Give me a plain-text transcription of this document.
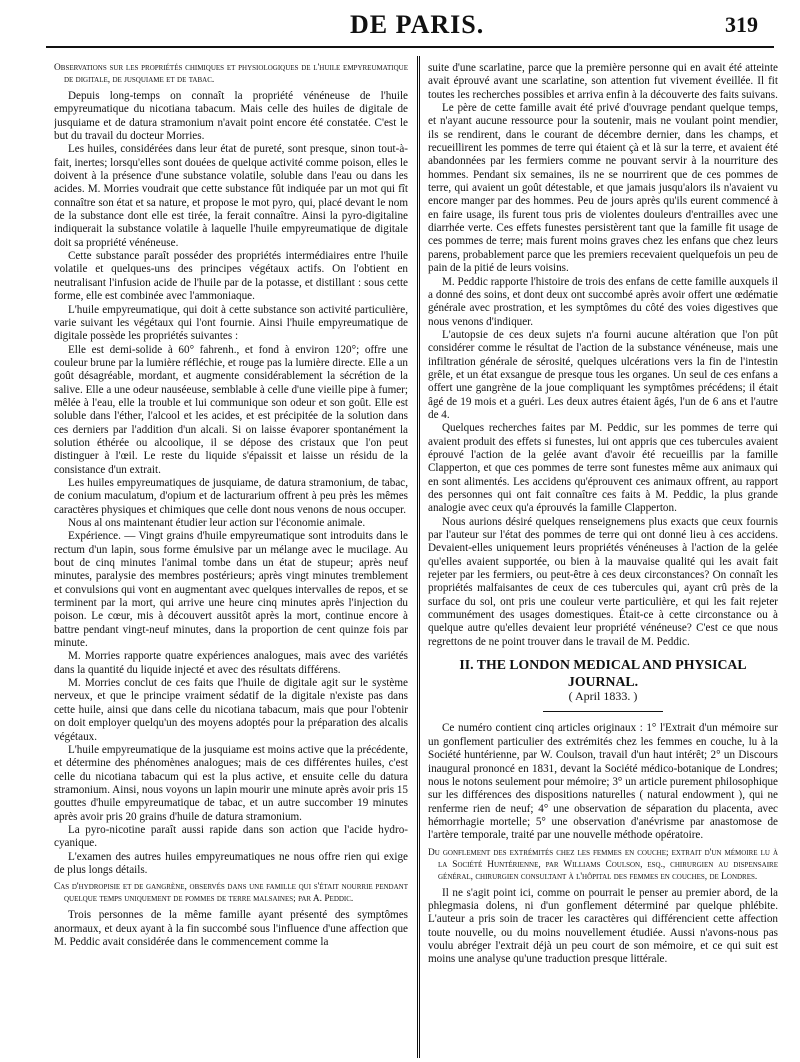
DE PARIS.	319
Observations sur les propriétés chimiques et physiologiques de l'huile empyreumatique de digitale, de jusquiame et de tabac.

Depuis long-temps on connaît la propriété vénéneuse de l'huile empyreumatique du nicotiana tabacum. Mais celle des huiles de digitale de jusquiame et de datura stramonium n'avait point encore été constatée. C'est le but du travail du docteur Morries.

Les huiles, considérées dans leur état de pureté, sont presque, sinon tout-à-fait, inertes; lorsqu'elles sont douées de quelque activité comme poison, elles le doivent à la présence d'une substance volatile, soluble dans l'eau ou dans les acides. M. Morries voudrait que cette substance fût indiquée par un mot qui fît connaître son état et sa nature, et propose le mot pyro, qui, placé devant le nom de la substance dont elle est tirée, la ferait connaître. Ainsi la pyro-digitaline indiquerait la substance volatile à laquelle l'huile empyreumatique de digitale doit sa propriété vénéneuse.

Cette substance paraît posséder des propriétés intermédiaires entre l'huile volatile et quelques-uns des principes végétaux actifs. On l'obtient en neutralisant l'infusion acide de l'huile par de la potasse, et distillant : sous cette forme, elle est combinée avec l'ammoniaque.

L'huile empyreumatique, qui doit à cette substance son activité particulière, varie suivant les végétaux qui l'ont fournie. Ainsi l'huile empyreumatique de digitale possède les propriétés suivantes :

Elle est demi-solide à 60° fahrenh., et fond à environ 120°; offre une couleur brune par la lumière réfléchie, et rouge pas la lumière directe. Elle a un goût désagréable, mordant, et augmente considérablement la sécrétion de la salive. Elle a une odeur nauséeuse, semblable à celle d'une vieille pipe à fumer; mêlée à l'eau, elle la trouble et lui communique son odeur et son goût. Elle est soluble dans l'éther, l'alcool et les acides, et est précipitée de la solution dans ces derniers par l'addition d'un alcali. Si on laisse évaporer spontanément la solution éthérée ou alcoolique, il se dépose des cristaux que l'on peut distinguer à l'œil. Le reste du liquide s'épaissit et laisse un résidu de la consistance d'un extrait.

Les huiles empyreumatiques de jusquiame, de datura stramonium, de tabac, de conium maculatum, d'opium et de lacturarium offrent à peu près les mêmes caractères physiques et chimiques que celle dont nous venons de nous occuper.

Nous al ons maintenant étudier leur action sur l'économie animale.

Expérience. — Vingt grains d'huile empyreumatique sont introduits dans le rectum d'un lapin, sous forme émulsive par un mélange avec le mucilage. Au bout de cinq minutes l'animal tombe dans un état de stupeur; après neuf minutes, paralysie des membres postérieurs; après vingt minutes tremblement et convulsions qui vont en augmentant avec quelques intervalles de repos, et se terminent par la mort, qui arrive une heure cinq minutes après l'injection du poison. Le cœur, mis à découvert aussitôt après la mort, continue encore à battre pendant vingt-neuf minutes, dans la proportion de cent quinze fois par minute.

M. Morries rapporte quatre expériences analogues, mais avec des variétés dans la quantité du liquide injecté et avec des résultats différens.

M. Morries conclut de ces faits que l'huile de digitale agit sur le système nerveux, et que le principe vraiment sédatif de la digitale n'existe pas dans cette huile, ainsi que dans celle du nicotiana tabacum, mais que pour l'obtenir on doit employer quelqu'un des moyens adoptés pour la préparation des alcalis végétaux.

L'huile empyreumatique de la jusquiame est moins active que la précédente, et détermine des phénomènes analogues; mais de ces différentes huiles, c'est celle du nicotiana tabacum qui est la plus active, et ensuite celle du datura stramonium. Ainsi, nous voyons un lapin mourir une minute après avoir pris 15 gouttes d'huile empyreumatique de tabac, et un autre succomber 19 minutes après avoir pris 20 grains d'huile de datura stramonium.

La pyro-nicotine paraît aussi rapide dans son action que l'acide hydro-cyanique.

L'examen des autres huiles empyreumatiques ne nous offre rien qui exige de plus longs détails.

Cas d'hydropisie et de gangrène, observés dans une famille qui s'était nourrie pendant quelque temps uniquement de pommes de terre malsaines; par A. Peddic.

Trois personnes de la même famille ayant présenté des symptômes anormaux, et deux ayant à la fin succombé sous l'influence d'une affection que M. Peddic avait considérée dans le commencement comme la

suite d'une scarlatine, parce que la première personne qui en avait été atteinte avait éprouvé avant une scarlatine, son attention fut vivement éveillée. Il fit toutes les recherches possibles et arriva enfin à la découverte des faits suivans.

Le père de cette famille avait été privé d'ouvrage pendant quelque temps, et n'ayant aucune ressource pour la soutenir, mais ne voulant point mendier, ils se rendirent, dans le courant de décembre dernier, dans les champs, et recueillirent les pommes de terre qui étaient çà et là sur la terre, et avaient été abandonnées par les fermiers comme ne pouvant servir à la nourriture des hommes. Pendant six semaines, ils ne se nourrirent que de ces pommes de terre, qui avaient un goût détestable, et que jamais jusqu'alors ils n'avaient vu encore manger par des hommes. Peu de jours après qu'ils eurent commencé à en faire usage, ils furent tous pris de violentes douleurs d'entrailles avec une diarrhée verte. Ces effets funestes persistèrent tant que la famille fit usage de ces pommes de terre; mais furent moins graves chez les enfans que chez leurs parens, probablement parce que les premiers recevaient quelquefois un peu de pain de la pitié de leurs voisins.

M. Peddic rapporte l'histoire de trois des enfans de cette famille auxquels il a donné des soins, et dont deux ont succombé après avoir offert une œdématie générale avec prostration, et les symptômes du côté des voies digestives que nous venons d'indiquer.

L'autopsie de ces deux sujets n'a fourni aucune altération que l'on pût considérer comme le résultat de l'action de la substance vénéneuse, mais une infiltration générale de sérosité, quelques ulcérations vers la fin de l'intestin grêle, et un état exsangue de presque tous les organes. Un seul de ces enfans a offert une gangrène de la joue compliquant les symptômes précédens; il était âgé de 19 mois et a guéri. Les deux autres étaient âgés, l'un de 6 ans et l'autre de 4.

Quelques recherches faites par M. Peddic, sur les pommes de terre qui avaient produit des effets si funestes, lui ont appris que ces tubercules avaient éprouvé l'action de la gelée avant d'avoir été recueillis par la famille Clapperton, et que ces pommes de terre sont funestes même aux animaux qui en sont alimentés. Les accidens qu'éprouvent ces animaux offrent, au rapport des personnes qui ont fait connaître ces faits à M. Peddic, la plus grande analogie avec ceux qu'a éprouvés la famille Clapperton.

Nous aurions désiré quelques renseignemens plus exacts que ceux fournis par l'auteur sur l'état des pommes de terre qui ont donné lieu à ces accidens. Devaient-elles uniquement leurs propriétés vénéneuses à l'action de la gelée qu'elles avaient supportée, ou bien à la mauvaise qualité qui les avait fait rejeter par les fermiers, ou peut-être à ces deux circonstances? On connaît les propriétés malfaisantes de ceux de ces tubercules qui, ayant crû près de la surface du sol, ont pris une couleur verte particulière, et qui les fait rejeter communément des usages domestiques. Était-ce à cette circonstance ou à quelque autre qu'elles devaient leur propriété vénéneuse? C'est ce que nous regrettons de ne point trouver dans le travail de M. Peddic.

II. THE LONDON MEDICAL AND PHYSICAL JOURNAL.
( April 1833. )

Ce numéro contient cinq articles originaux : 1° l'Extrait d'un mémoire sur un gonflement particulier des extrémités chez les femmes en couche, lu à la Société huntérienne, par W. Coulson, travail d'un haut intérêt; 2° un Discours inaugural prononcé en 1831, devant la Société médico-botanique de Londres; nous le notons seulement pour mémoire; 3° un article purement philosophique sur les différences des dispositions naturelles ( natural endowment ), qui ne renferme rien de neuf; 4° une observation de séparation du placenta, avec hémorrhagie mortelle; 5° une observation d'anévrisme par anastomose de l'artère temporale, traité par une nouvelle méthode opératoire.

Du gonflement des extrémités chez les femmes en couche; extrait d'un mémoire lu à la Société Huntérienne, par Williams Coulson, esq., chirurgien au dispensaire général, chirurgien consultant à l'hôpital des femmes en couches, de Londres.

Il ne s'agit point ici, comme on pourrait le penser au premier abord, de la phlegmasia dolens, ni d'un gonflement déterminé par quelque phlébite. L'auteur a pris soin de tracer les caractères qui différencient cette affection toute nouvelle, ou du moins nouvellement étudiée. Aussi n'avons-nous pas voulu abréger l'extrait déjà un peu court de son mémoire, et ce qui suit est moins une analyse qu'une traduction presque littérale.
